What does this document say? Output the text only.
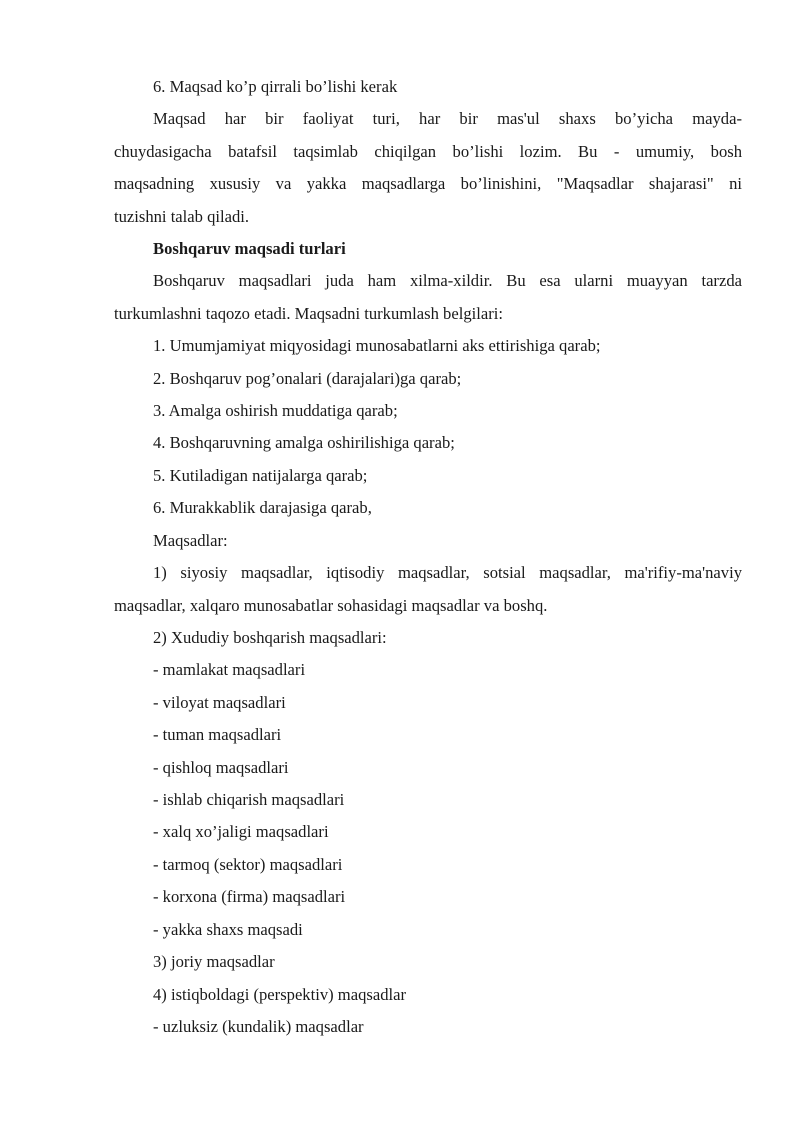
6. Maqsad ko’p qirrali bo’lishi kerak
Maqsad har bir faoliyat turi, har bir mas'ul shaxs bo’yicha mayda-
chuydasigacha batafsil taqsimlab chiqilgan bo’lishi lozim. Bu - umumiy, bosh
maqsadning xususiy va yakka maqsadlarga bo’linishini, "Maqsadlar shajarasi" ni
tuzishni talab qiladi.
Boshqaruv maqsadi turlari
Boshqaruv maqsadlari juda ham xilma-xildir. Bu esa ularni muayyan tarzda
turkumlashni taqozo etadi. Maqsadni turkumlash belgilari:
1. Umumjamiyat miqyosidagi munosabatlarni aks ettirishiga qarab;
2. Boshqaruv pog’onalari (darajalari)ga qarab;
3. Amalga oshirish muddatiga qarab;
4. Boshqaruvning amalga oshirilishiga qarab;
5. Kutiladigan natijalarga qarab;
6. Murakkablik darajasiga qarab,
Maqsadlar:
1) siyosiy maqsadlar, iqtisodiy maqsadlar, sotsial maqsadlar, ma'rifiy-ma'naviy
maqsadlar, xalqaro munosabatlar sohasidagi maqsadlar va boshq.
2) Xududiy boshqarish maqsadlari:
- mamlakat maqsadlari
- viloyat maqsadlari
- tuman maqsadlari
- qishloq maqsadlari
- ishlab chiqarish maqsadlari
- xalq xo’jaligi maqsadlari
- tarmoq (sektor) maqsadlari
- korxona (firma) maqsadlari
- yakka shaxs maqsadi
3) joriy maqsadlar
4) istiqboldagi (perspektiv) maqsadlar
- uzluksiz (kundalik) maqsadlar
